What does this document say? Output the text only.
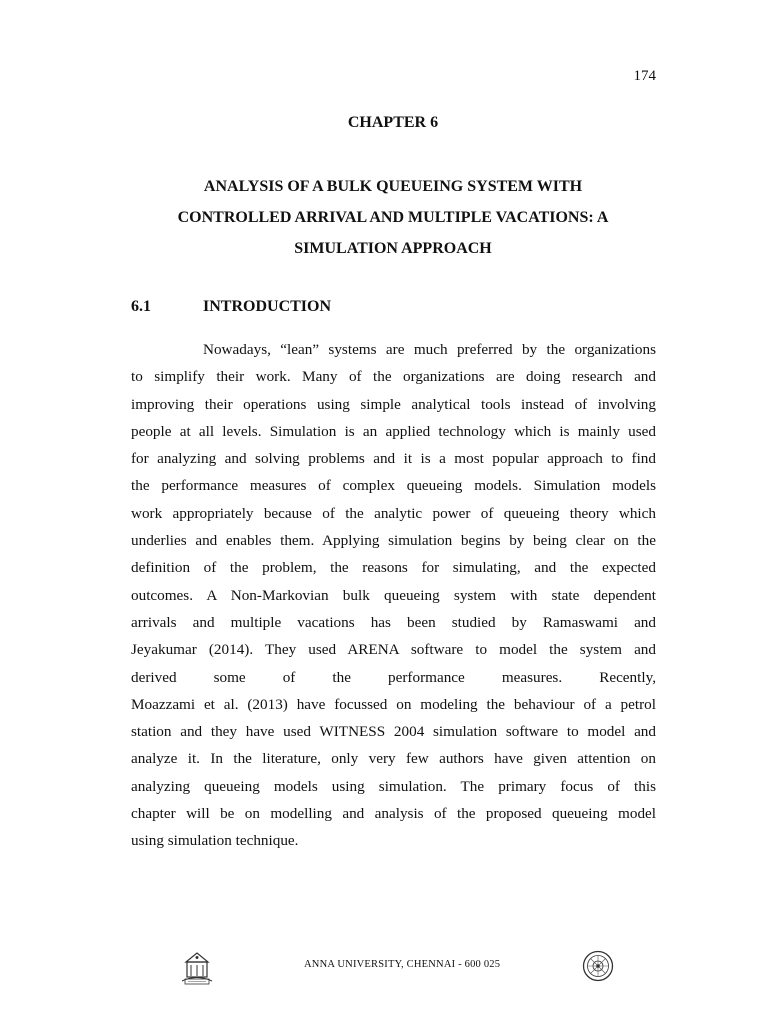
174
CHAPTER 6
ANALYSIS OF A BULK QUEUEING SYSTEM WITH
CONTROLLED ARRIVAL AND MULTIPLE VACATIONS: A
SIMULATION APPROACH
6.1	INTRODUCTION
Nowadays, “lean” systems are much preferred by the organizations
to simplify their work. Many of the organizations are doing research and
improving their operations using simple analytical tools instead of involving
people at all levels. Simulation is an applied technology which is mainly used
for analyzing and solving problems and it is a most popular approach to find
the performance measures of complex queueing models. Simulation models
work appropriately because of the analytic power of queueing theory which
underlies and enables them. Applying simulation begins by being clear on the
definition of the problem, the reasons for simulating, and the expected
outcomes. A Non-Markovian bulk queueing system with state dependent
arrivals and multiple vacations has been studied by Ramaswami and
Jeyakumar (2014). They used ARENA software to model the system and
derived some of the performance measures. Recently,
Moazzami et al. (2013) have focussed on modeling the behaviour of a petrol
station and they have used WITNESS 2004 simulation software to model and
analyze it. In the literature, only very few authors have given attention on
analyzing queueing models using simulation. The primary focus of this
chapter will be on modelling and analysis of the proposed queueing model
using simulation technique.
ANNA UNIVERSITY, CHENNAI - 600 025
